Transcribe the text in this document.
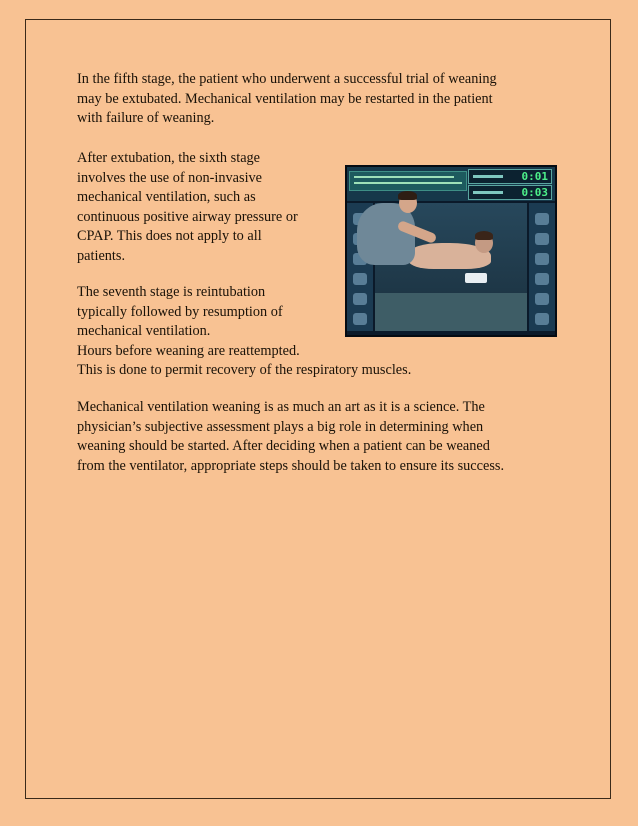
In the fifth stage, the patient who underwent a successful trial of weaning
may be extubated. Mechanical ventilation may be restarted in the patient
with failure of weaning.

After extubation, the sixth stage
involves the use of non-invasive
mechanical ventilation, such as
continuous positive airway pressure or
CPAP. This does not apply to all
patients.

The seventh stage is reintubation
typically followed by resumption of
mechanical ventilation.
Hours before weaning are reattempted.
This is done to permit recovery of the respiratory muscles.

Mechanical ventilation weaning is as much an art as it is a science. The
physician’s subjective assessment plays a big role in determining when
weaning should be started. After deciding when a patient can be weaned
from the ventilator, appropriate steps should be taken to ensure its success.

0:01
0:03
